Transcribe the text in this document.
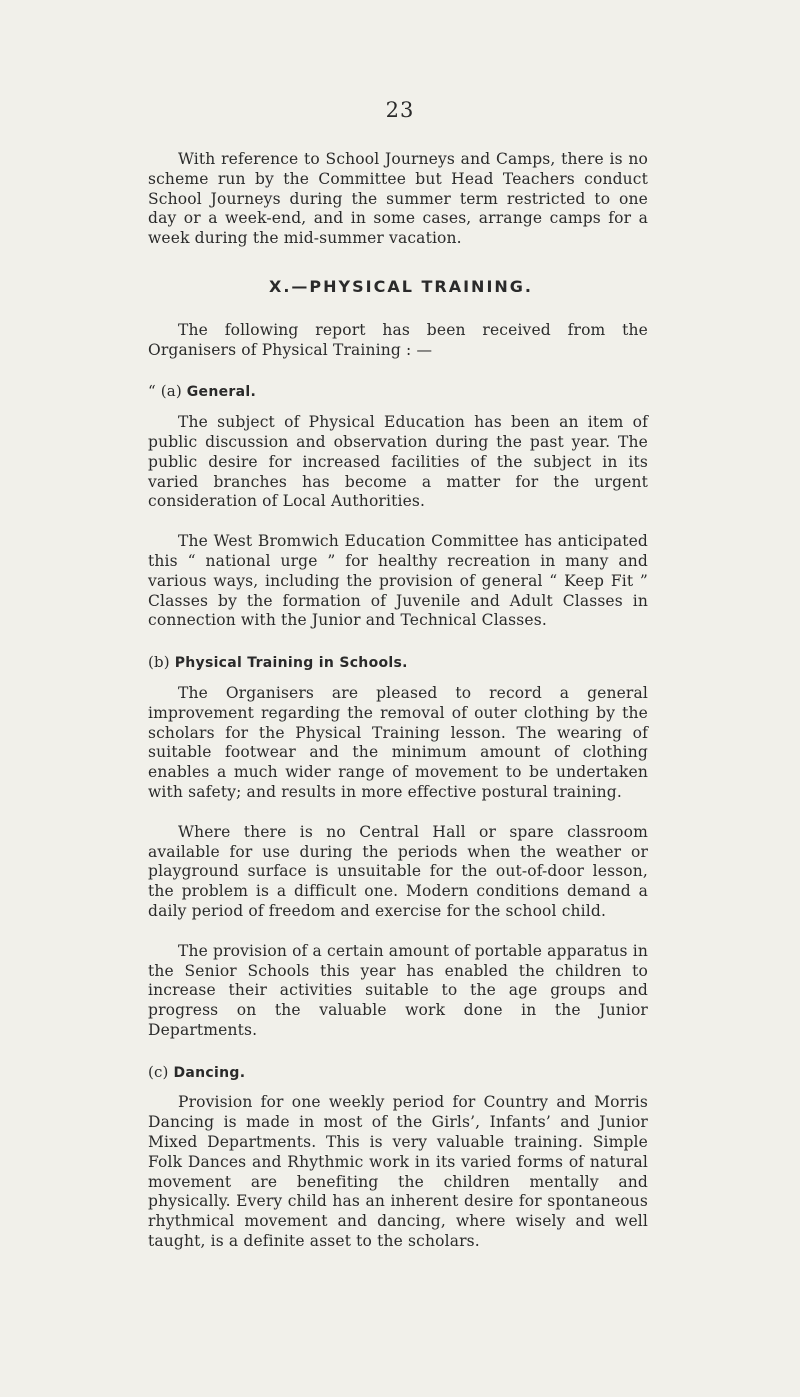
23

With reference to School Journeys and Camps, there is no scheme run by the Committee but Head Teachers conduct School Journeys during the summer term restricted to one day or a week-end, and in some cases, arrange camps for a week during the mid-summer vacation.

X.—PHYSICAL TRAINING.

The following report has been received from the Organisers of Physical Training : —

“ (a) General.

The subject of Physical Education has been an item of public discussion and observation during the past year. The public desire for increased facilities of the subject in its varied branches has become a matter for the urgent consideration of Local Authorities.

The West Bromwich Education Committee has anticipated this “ national urge ” for healthy recreation in many and various ways, including the provision of general “ Keep Fit ” Classes by the formation of Juvenile and Adult Classes in connection with the Junior and Technical Classes.

(b) Physical Training in Schools.

The Organisers are pleased to record a general improvement regarding the removal of outer clothing by the scholars for the Physical Training lesson. The wearing of suitable footwear and the minimum amount of clothing enables a much wider range of movement to be undertaken with safety; and results in more effective postural training.

Where there is no Central Hall or spare classroom available for use during the periods when the weather or playground surface is unsuitable for the out-of-door lesson, the problem is a difficult one. Modern conditions demand a daily period of freedom and exercise for the school child.

The provision of a certain amount of portable apparatus in the Senior Schools this year has enabled the children to increase their activities suitable to the age groups and progress on the valuable work done in the Junior Departments.

(c) Dancing.

Provision for one weekly period for Country and Morris Dancing is made in most of the Girls’, Infants’ and Junior Mixed Departments. This is very valuable training. Simple Folk Dances and Rhythmic work in its varied forms of natural movement are benefiting the children mentally and physically. Every child has an inherent desire for spontaneous rhythmical movement and dancing, where wisely and well taught, is a definite asset to the scholars.
